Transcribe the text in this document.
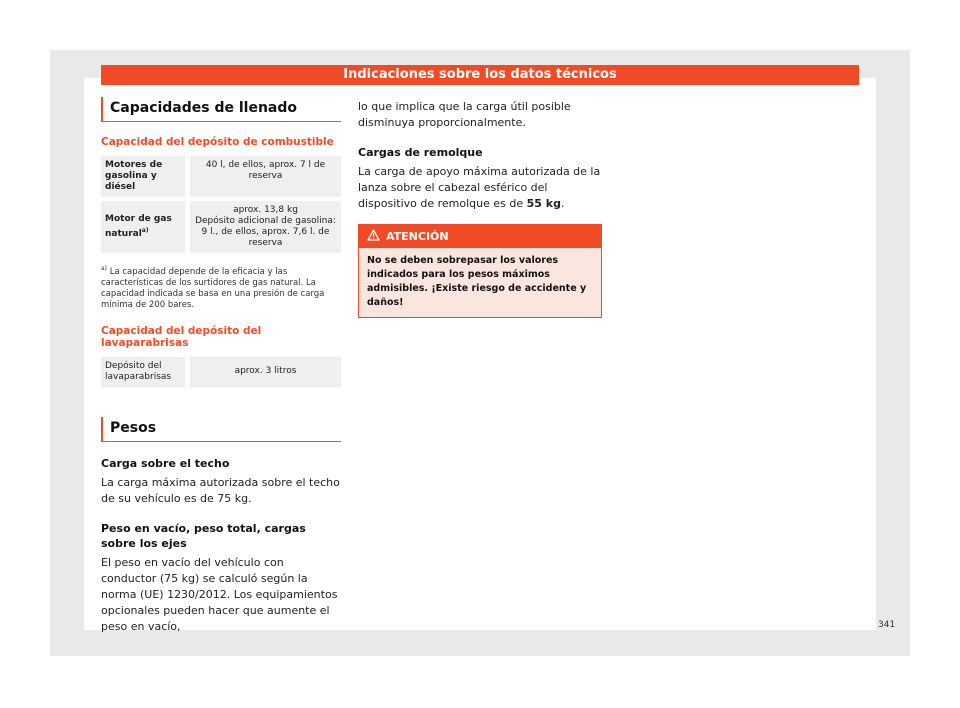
Indicaciones sobre los datos técnicos
Capacidades de llenado
Capacidad del depósito de combustible
Motores de gasolina y diésel	40 l, de ellos, aprox. 7 l de reserva
Motor de gas natural$^{a)}$	aprox. 13,8 kg
Depósito adicional de gasolina: 9 l., de ellos, aprox. 7,6 l. de reserva
$^{a)}$ La capacidad depende de la eficacia y las características de los surtidores de gas natural. La capacidad indicada se basa en una presión de carga mínima de 200 bares.
Capacidad del depósito del lavaparabrisas
Depósito del lavaparabrisas	aprox. 3 litros
Pesos
Carga sobre el techo
La carga máxima autorizada sobre el techo de su vehículo es de 75 kg.
Peso en vacío, peso total, cargas sobre los ejes
El peso en vacío del vehículo con conductor (75 kg) se calculó según la norma (UE) 1230/2012. Los equipamientos opcionales pueden hacer que aumente el peso en vacío,
lo que implica que la carga útil posible disminuya proporcionalmente.
Cargas de remolque
La carga de apoyo máxima autorizada de la lanza sobre el cabezal esférico del dispositivo de remolque es de 55 kg.
ATENCIÓN
No se deben sobrepasar los valores indicados para los pesos máximos admisibles. ¡Existe riesgo de accidente y daños!
341
